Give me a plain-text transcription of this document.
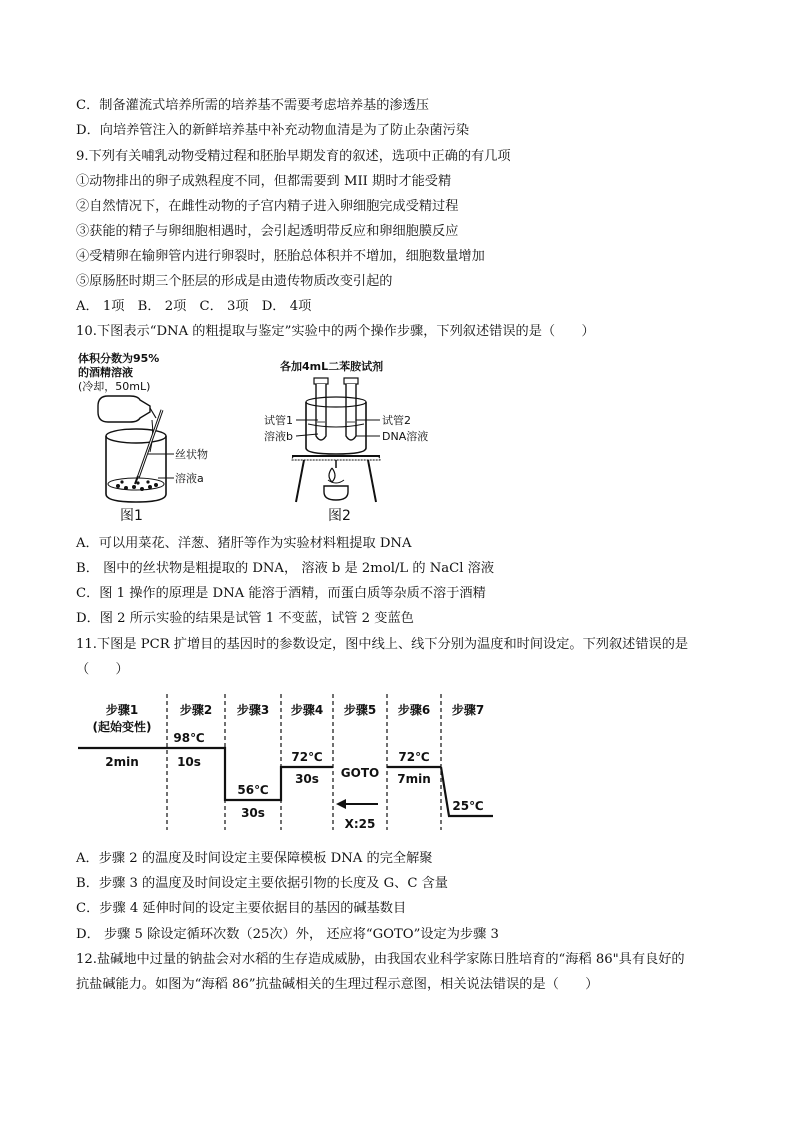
C．制备灌流式培养所需的培养基不需要考虑培养基的渗透压
D．向培养管注入的新鲜培养基中补充动物血清是为了防止杂菌污染
9.下列有关哺乳动物受精过程和胚胎早期发育的叙述，选项中正确的有几项
①动物排出的卵子成熟程度不同，但都需要到 MII 期时才能受精
②自然情况下，在雌性动物的子宫内精子进入卵细胞完成受精过程
③获能的精子与卵细胞相遇时，会引起透明带反应和卵细胞膜反应
④受精卵在输卵管内进行卵裂时，胚胎总体积并不增加，细胞数量增加
⑤原肠胚时期三个胚层的形成是由遗传物质改变引起的
A． 1项　B． 2项　C． 3项　D． 4项
10.下图表示“DNA 的粗提取与鉴定”实验中的两个操作步骤，下列叙述错误的是（　　）
体积分数为95%
的酒精溶液
(冷却，50mL)
丝状物
溶液a
图1
各加4mL二苯胺试剂
试管1
溶液b
试管2
DNA溶液
图2
A．可以用菜花、洋葱、猪肝等作为实验材料粗提取 DNA
B． 图中的丝状物是粗提取的 DNA， 溶液 b 是 2mol/L 的 NaCl 溶液
C．图 1 操作的原理是 DNA 能溶于酒精，而蛋白质等杂质不溶于酒精
D．图 2 所示实验的结果是试管 1 不变蓝，试管 2 变蓝色
11.下图是 PCR 扩增目的基因时的参数设定，图中线上、线下分别为温度和时间设定。下列叙述错误的是
（　　）
步骤1	步骤2 步骤3 步骤4 步骤5 步骤6 步骤7
(起始变性)
2min
98℃
10s
56℃
30s
72℃
30s GOTO
X:25
72℃
7min
25℃
A．步骤 2 的温度及时间设定主要保障模板 DNA 的完全解聚
B．步骤 3 的温度及时间设定主要依据引物的长度及 G、C 含量
C．步骤 4 延伸时间的设定主要依据目的基因的碱基数目
D． 步骤 5 除设定循环次数（25次）外， 还应将“GOTO”设定为步骤 3
12.盐碱地中过量的钠盐会对水稻的生存造成威胁，由我国农业科学家陈日胜培育的“海稻 86"具有良好的
抗盐碱能力。如图为“海稻 86”抗盐碱相关的生理过程示意图，相关说法错误的是（　　）
